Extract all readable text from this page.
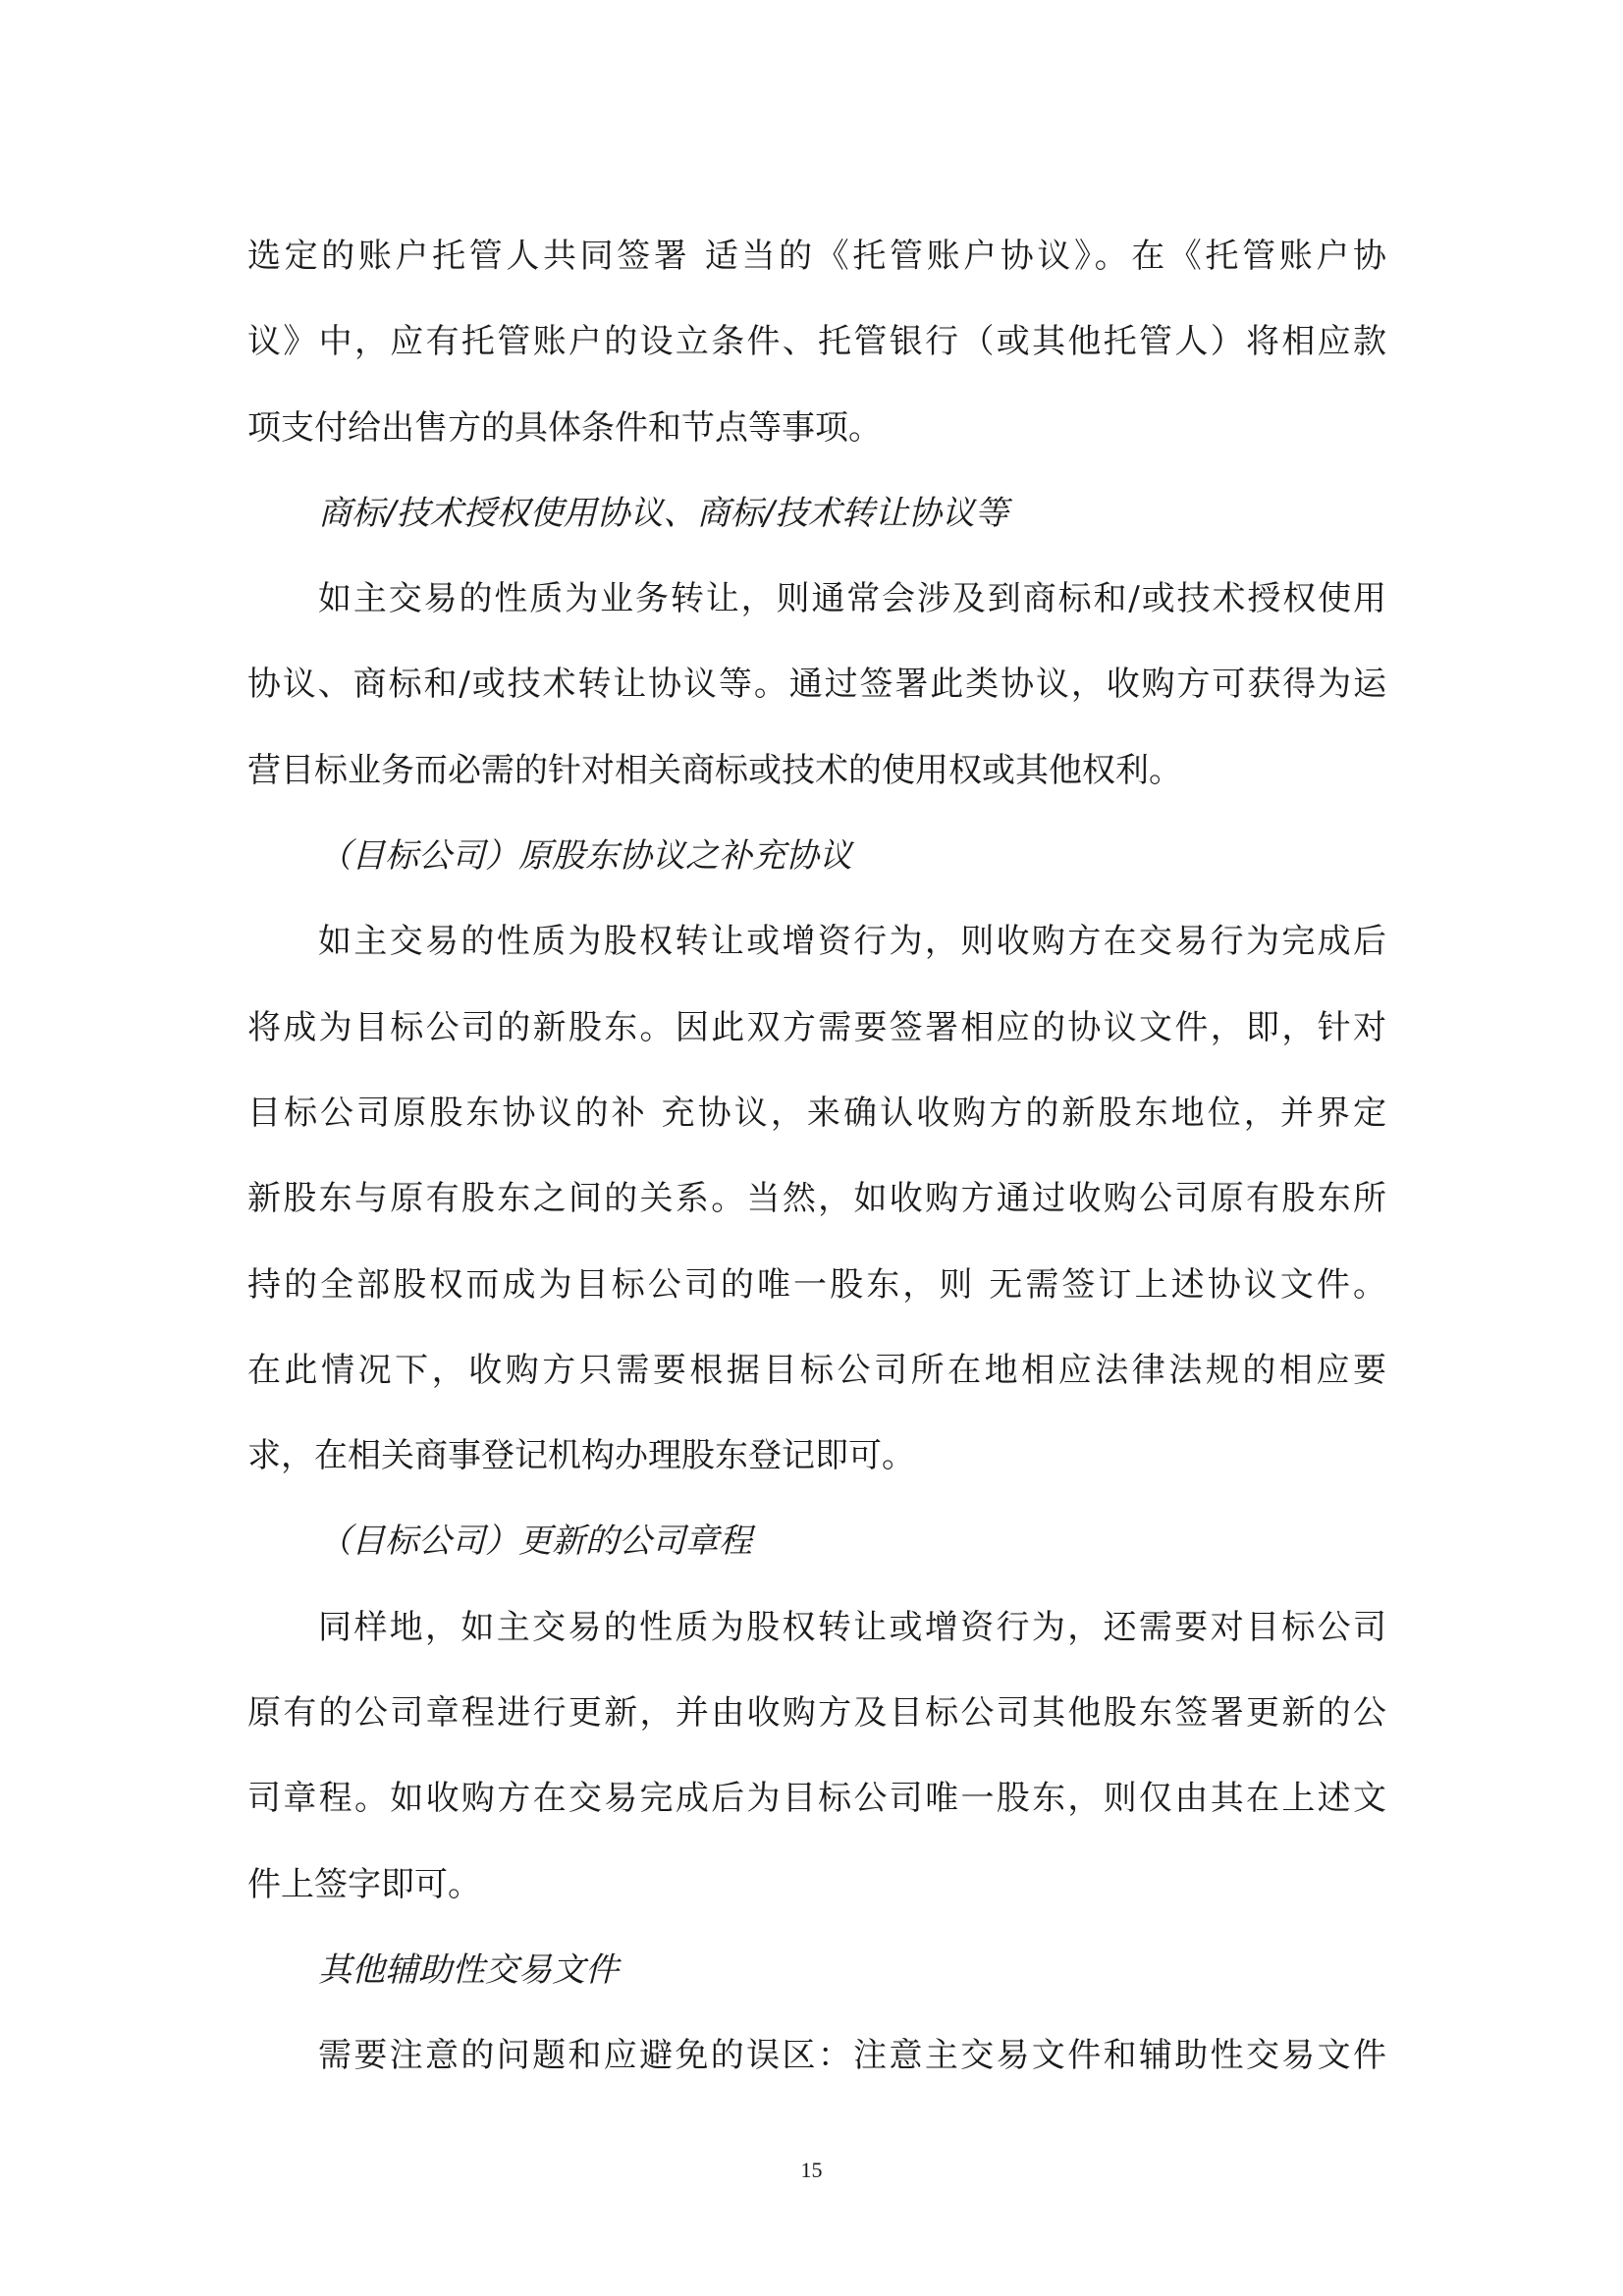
选定的账户托管人共同签署 适当的《托管账户协议》。在《托管账户协
议》中，应有托管账户的设立条件、托管银行（或其他托管人）将相应款
项支付给出售方的具体条件和节点等事项。
商标/技术授权使用协议、商标/技术转让协议等
如主交易的性质为业务转让，则通常会涉及到商标和/或技术授权使用
协议、商标和/或技术转让协议等。通过签署此类协议，收购方可获得为运
营目标业务而必需的针对相关商标或技术的使用权或其他权利。
（目标公司）原股东协议之补充协议
如主交易的性质为股权转让或增资行为，则收购方在交易行为完成后
将成为目标公司的新股东。因此双方需要签署相应的协议文件，即，针对
目标公司原股东协议的补 充协议，来确认收购方的新股东地位，并界定
新股东与原有股东之间的关系。当然，如收购方通过收购公司原有股东所
持的全部股权而成为目标公司的唯一股东，则 无需签订上述协议文件。
在此情况下，收购方只需要根据目标公司所在地相应法律法规的相应要
求，在相关商事登记机构办理股东登记即可。
（目标公司）更新的公司章程
同样地，如主交易的性质为股权转让或增资行为，还需要对目标公司
原有的公司章程进行更新，并由收购方及目标公司其他股东签署更新的公
司章程。如收购方在交易完成后为目标公司唯一股东，则仅由其在上述文
件上签字即可。
其他辅助性交易文件
需要注意的问题和应避免的误区：注意主交易文件和辅助性交易文件
15
